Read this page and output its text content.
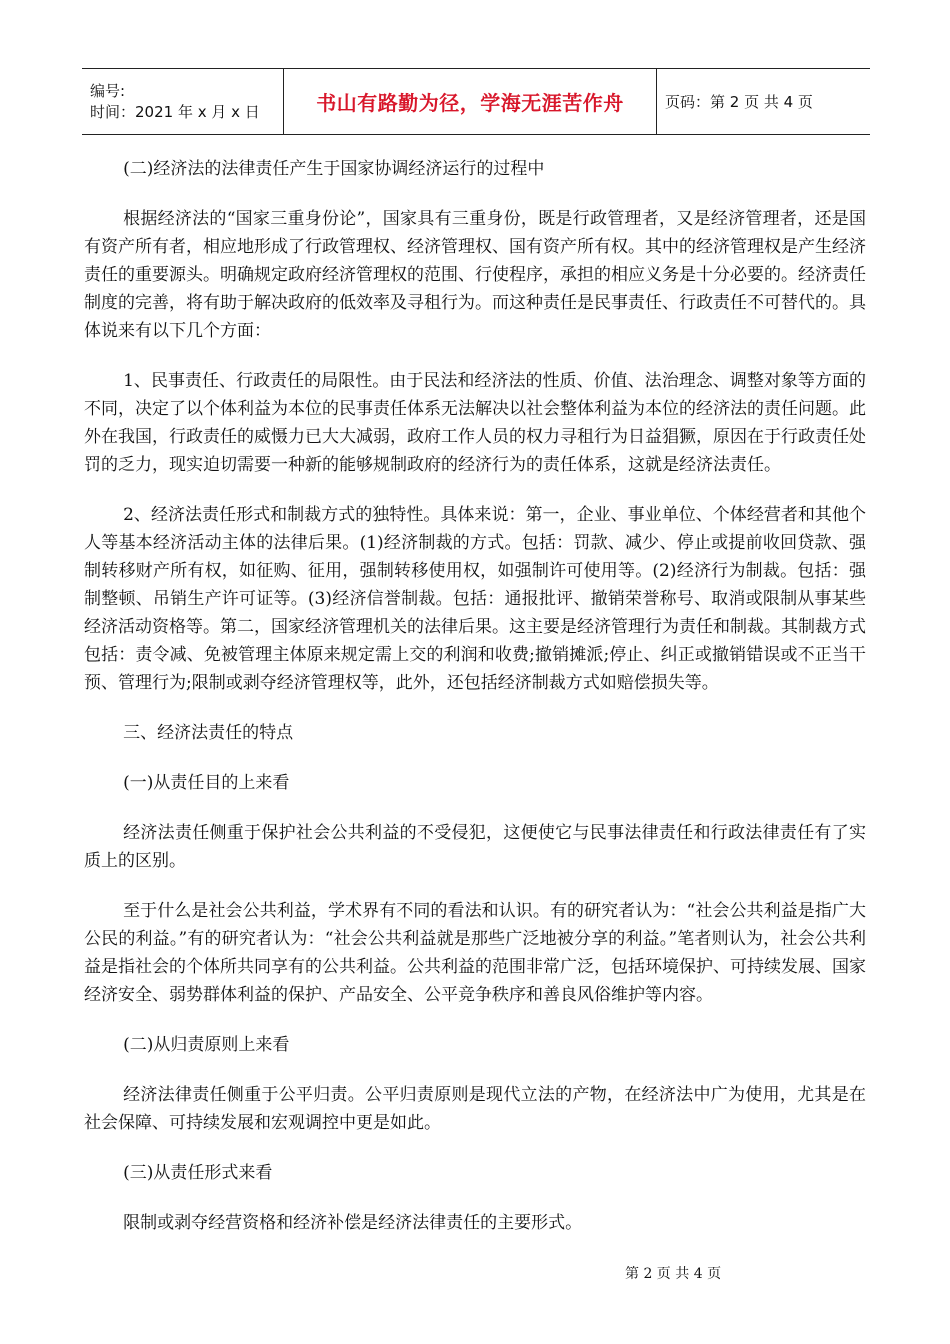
编号:
时间：2021 年 x 月 x 日	书山有路勤为径，学海无涯苦作舟	页码：第 2 页 共 4 页

(二)经济法的法律责任产生于国家协调经济运行的过程中

根据经济法的“国家三重身份论”，国家具有三重身份，既是行政管理者，又是经济管理者，还是国有资产所有者，相应地形成了行政管理权、经济管理权、国有资产所有权。其中的经济管理权是产生经济责任的重要源头。明确规定政府经济管理权的范围、行使程序，承担的相应义务是十分必要的。经济责任制度的完善，将有助于解决政府的低效率及寻租行为。而这种责任是民事责任、行政责任不可替代的。具体说来有以下几个方面：

1、民事责任、行政责任的局限性。由于民法和经济法的性质、价值、法治理念、调整对象等方面的不同，决定了以个体利益为本位的民事责任体系无法解决以社会整体利益为本位的经济法的责任问题。此外在我国，行政责任的威慑力已大大减弱，政府工作人员的权力寻租行为日益猖獗，原因在于行政责任处罚的乏力，现实迫切需要一种新的能够规制政府的经济行为的责任体系，这就是经济法责任。

2、经济法责任形式和制裁方式的独特性。具体来说：第一，企业、事业单位、个体经营者和其他个人等基本经济活动主体的法律后果。(1)经济制裁的方式。包括：罚款、减少、停止或提前收回贷款、强制转移财产所有权，如征购、征用，强制转移使用权，如强制许可使用等。(2)经济行为制裁。包括：强制整顿、吊销生产许可证等。(3)经济信誉制裁。包括：通报批评、撤销荣誉称号、取消或限制从事某些经济活动资格等。第二，国家经济管理机关的法律后果。这主要是经济管理行为责任和制裁。其制裁方式包括：责令减、免被管理主体原来规定需上交的利润和收费;撤销摊派;停止、纠正或撤销错误或不正当干预、管理行为;限制或剥夺经济管理权等，此外，还包括经济制裁方式如赔偿损失等。

三、经济法责任的特点

(一)从责任目的上来看

经济法责任侧重于保护社会公共利益的不受侵犯，这便使它与民事法律责任和行政法律责任有了实质上的区别。

至于什么是社会公共利益，学术界有不同的看法和认识。有的研究者认为：“社会公共利益是指广大公民的利益。”有的研究者认为：“社会公共利益就是那些广泛地被分享的利益。”笔者则认为，社会公共利益是指社会的个体所共同享有的公共利益。公共利益的范围非常广泛，包括环境保护、可持续发展、国家经济安全、弱势群体利益的保护、产品安全、公平竞争秩序和善良风俗维护等内容。

(二)从归责原则上来看

经济法律责任侧重于公平归责。公平归责原则是现代立法的产物，在经济法中广为使用，尤其是在社会保障、可持续发展和宏观调控中更是如此。

(三)从责任形式来看

限制或剥夺经营资格和经济补偿是经济法律责任的主要形式。

第 2 页 共 4 页
